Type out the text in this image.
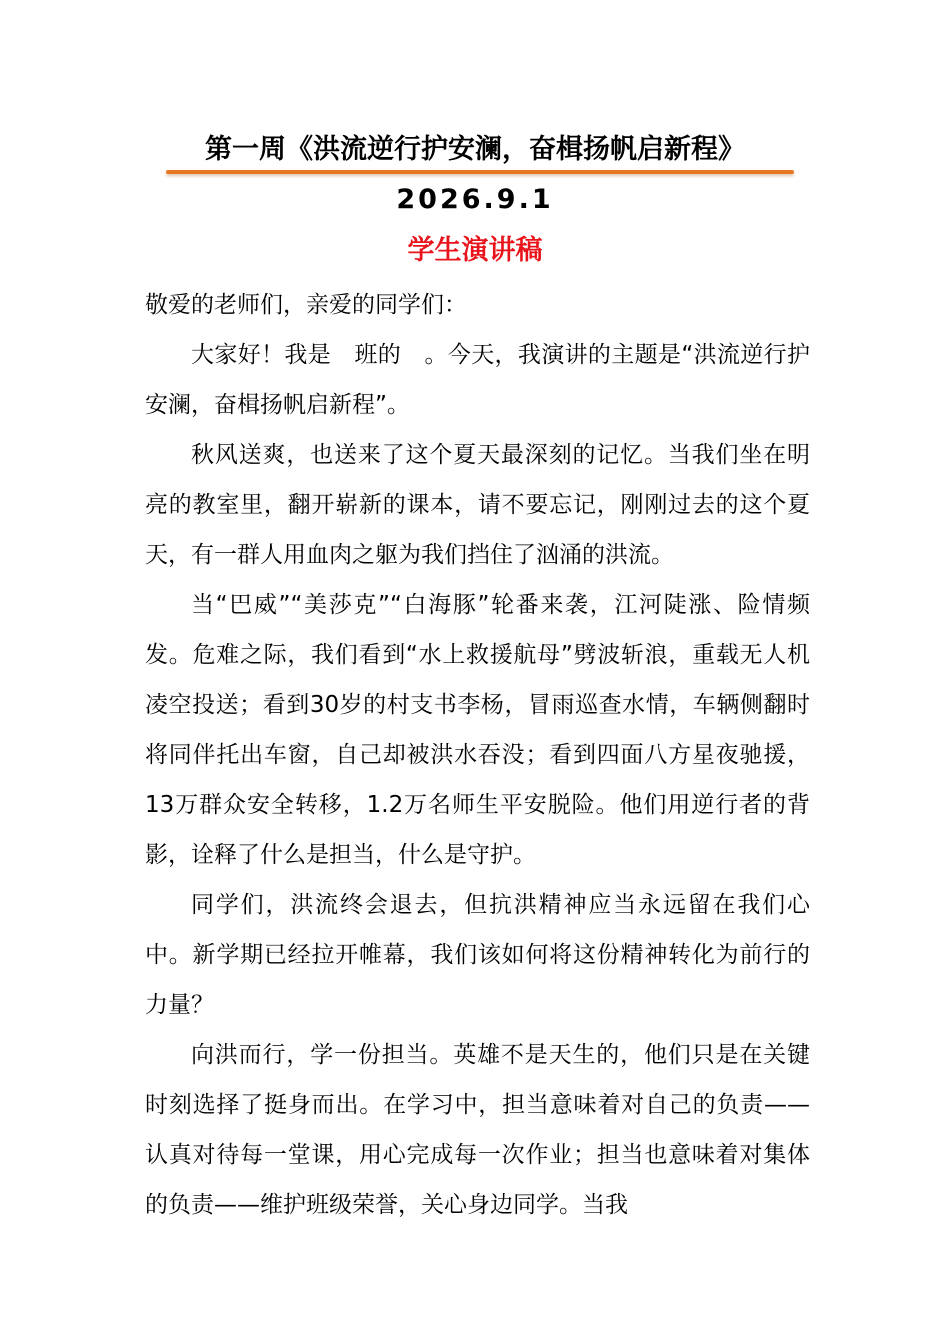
第一周《洪流逆行护安澜，奋楫扬帆启新程》
2026.9.1
学生演讲稿

敬爱的老师们，亲爱的同学们：

大家好！我是　班的　。今天，我演讲的主题是“洪流逆行护安澜，奋楫扬帆启新程”。

秋风送爽，也送来了这个夏天最深刻的记忆。当我们坐在明亮的教室里，翻开崭新的课本，请不要忘记，刚刚过去的这个夏天，有一群人用血肉之躯为我们挡住了汹涌的洪流。

当“巴威”“美莎克”“白海豚”轮番来袭，江河陡涨、险情频发。危难之际，我们看到“水上救援航母”劈波斩浪，重载无人机凌空投送；看到30岁的村支书李杨，冒雨巡查水情，车辆侧翻时将同伴托出车窗，自己却被洪水吞没；看到四面八方星夜驰援，13万群众安全转移，1.2万名师生平安脱险。他们用逆行者的背影，诠释了什么是担当，什么是守护。

同学们，洪流终会退去，但抗洪精神应当永远留在我们心中。新学期已经拉开帷幕，我们该如何将这份精神转化为前行的力量？

向洪而行，学一份担当。英雄不是天生的，他们只是在关键时刻选择了挺身而出。在学习中，担当意味着对自己的负责——认真对待每一堂课，用心完成每一次作业；担当也意味着对集体的负责——维护班级荣誉，关心身边同学。当我
